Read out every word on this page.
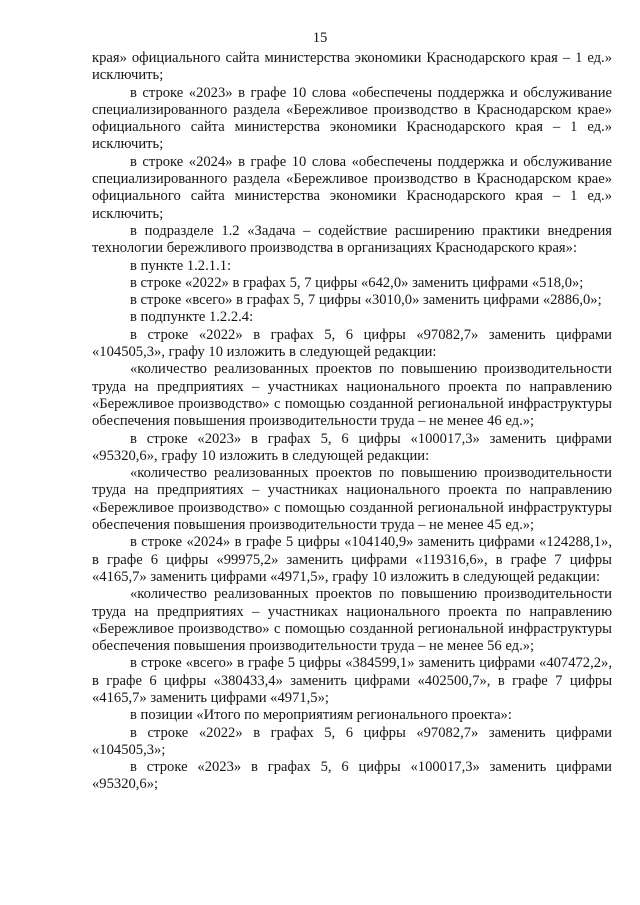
15

края» официального сайта министерства экономики Краснодарского края – 1 ед.» исключить;

в строке «2023» в графе 10 слова «обеспечены поддержка и обслуживание специализированного раздела «Бережливое производство в Краснодарском крае» официального сайта министерства экономики Краснодарского края – 1 ед.» исключить;

в строке «2024» в графе 10 слова «обеспечены поддержка и обслуживание специализированного раздела «Бережливое производство в Краснодарском крае» официального сайта министерства экономики Краснодарского края – 1 ед.» исключить;

в подразделе 1.2 «Задача – содействие расширению практики внедрения технологии бережливого производства в организациях Краснодарского края»:

в пункте 1.2.1.1:

в строке «2022» в графах 5, 7 цифры «642,0» заменить цифрами «518,0»;

в строке «всего» в графах 5, 7 цифры «3010,0» заменить цифрами «2886,0»;

в подпункте 1.2.2.4:

в строке «2022» в графах 5, 6 цифры «97082,7» заменить цифрами «104505,3», графу 10 изложить в следующей редакции:

«количество реализованных проектов по повышению производительности труда на предприятиях – участниках национального проекта по направлению «Бережливое производство» с помощью созданной региональной инфраструктуры обеспечения повышения производительности труда – не менее 46 ед.»;

в строке «2023» в графах 5, 6 цифры «100017,3» заменить цифрами «95320,6», графу 10 изложить в следующей редакции:

«количество реализованных проектов по повышению производительности труда на предприятиях – участниках национального проекта по направлению «Бережливое производство» с помощью созданной региональной инфраструктуры обеспечения повышения производительности труда – не менее 45 ед.»;

в строке «2024» в графе 5 цифры «104140,9» заменить цифрами «124288,1», в графе 6 цифры «99975,2» заменить цифрами «119316,6», в графе 7 цифры «4165,7» заменить цифрами «4971,5», графу 10 изложить в следующей редакции:

«количество реализованных проектов по повышению производительности труда на предприятиях – участниках национального проекта по направлению «Бережливое производство» с помощью созданной региональной инфраструктуры обеспечения повышения производительности труда – не менее 56 ед.»;

в строке «всего» в графе 5 цифры «384599,1» заменить цифрами «407472,2», в графе 6 цифры «380433,4» заменить цифрами «402500,7», в графе 7 цифры «4165,7» заменить цифрами «4971,5»;

в позиции «Итого по мероприятиям регионального проекта»:

в строке «2022» в графах 5, 6 цифры «97082,7» заменить цифрами «104505,3»;

в строке «2023» в графах 5, 6 цифры «100017,3» заменить цифрами «95320,6»;
